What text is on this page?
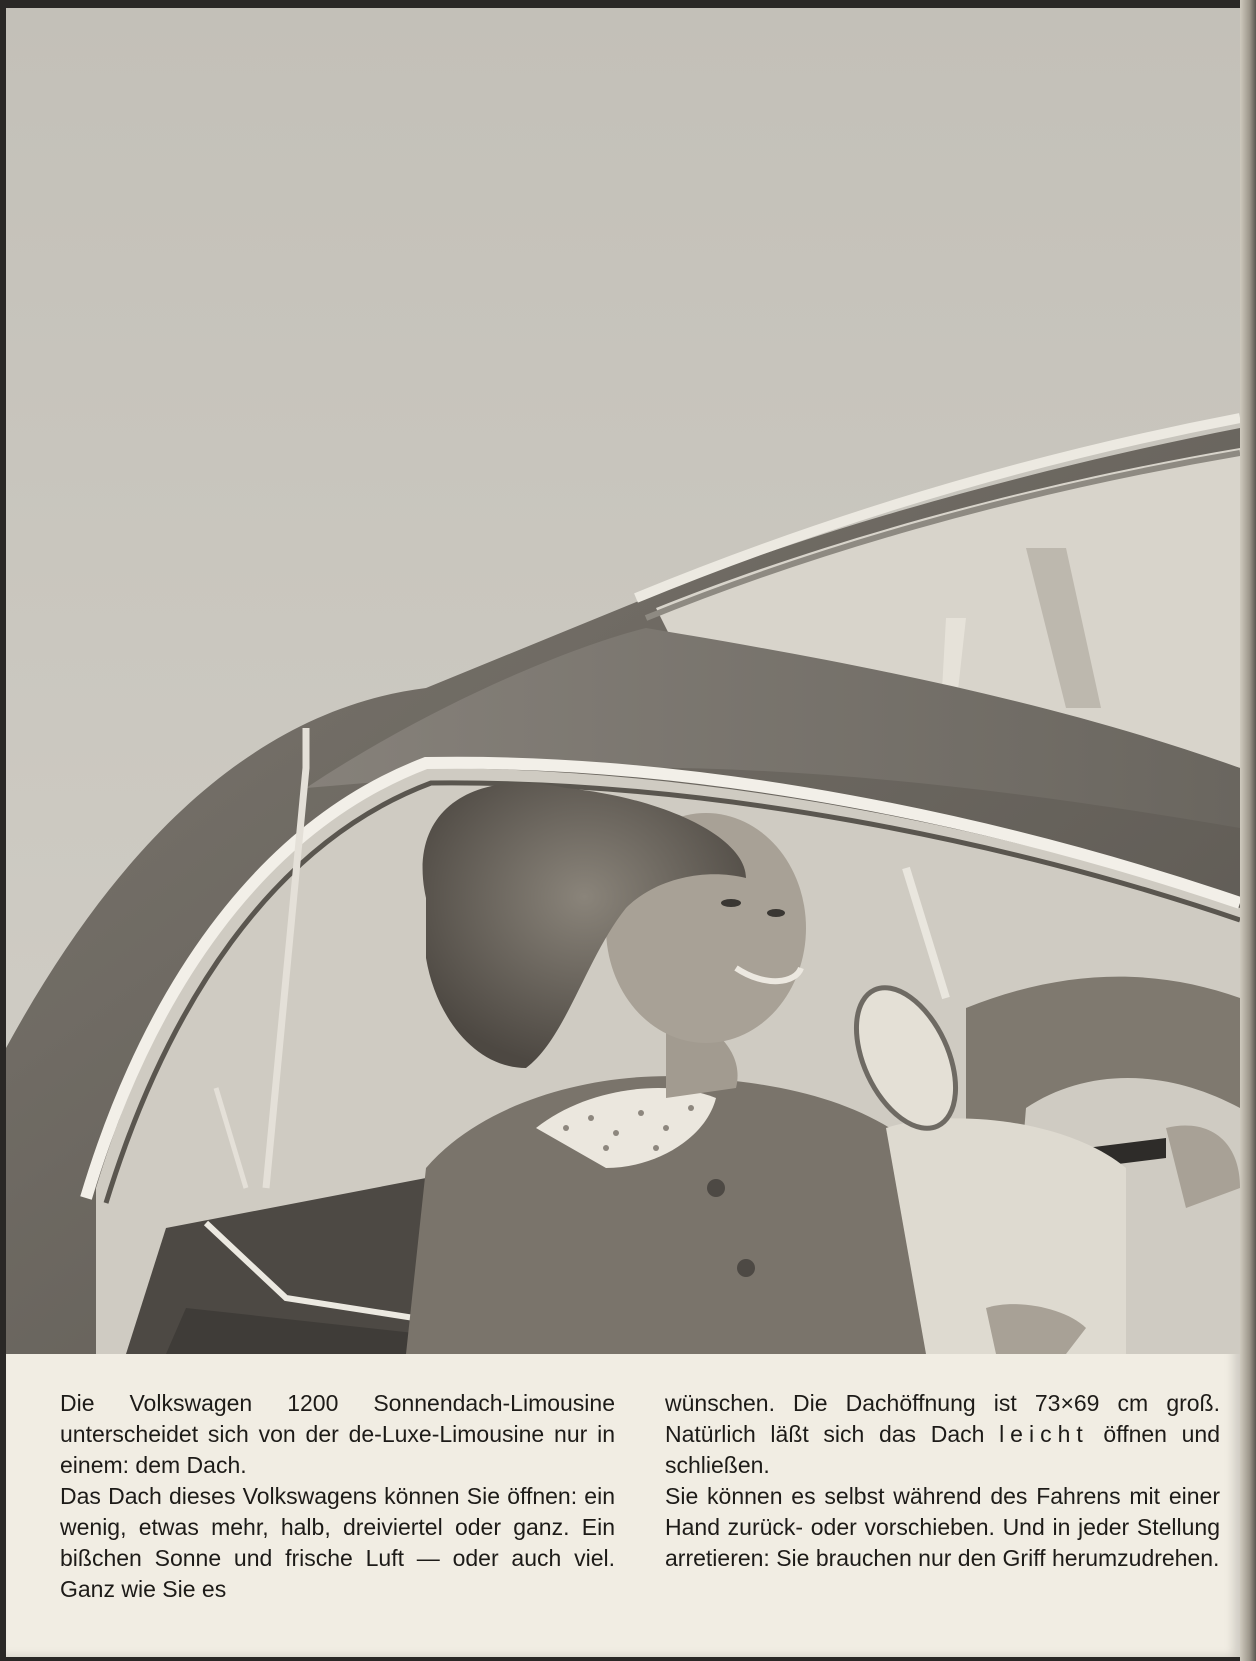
Die Volkswagen 1200 Sonnendach-Limousine unterscheidet sich von der de-Luxe-Limousine nur in einem: dem Dach.

Das Dach dieses Volkswagens können Sie öffnen: ein wenig, etwas mehr, halb, dreiviertel oder ganz. Ein bißchen Sonne und frische Luft — oder auch viel. Ganz wie Sie es

wünschen. Die Dachöffnung ist 73×69 cm groß. Natürlich läßt sich das Dach leicht öffnen und schließen.

Sie können es selbst während des Fahrens mit einer Hand zurück- oder vorschieben. Und in jeder Stellung arretieren: Sie brauchen nur den Griff herumzudrehen.
